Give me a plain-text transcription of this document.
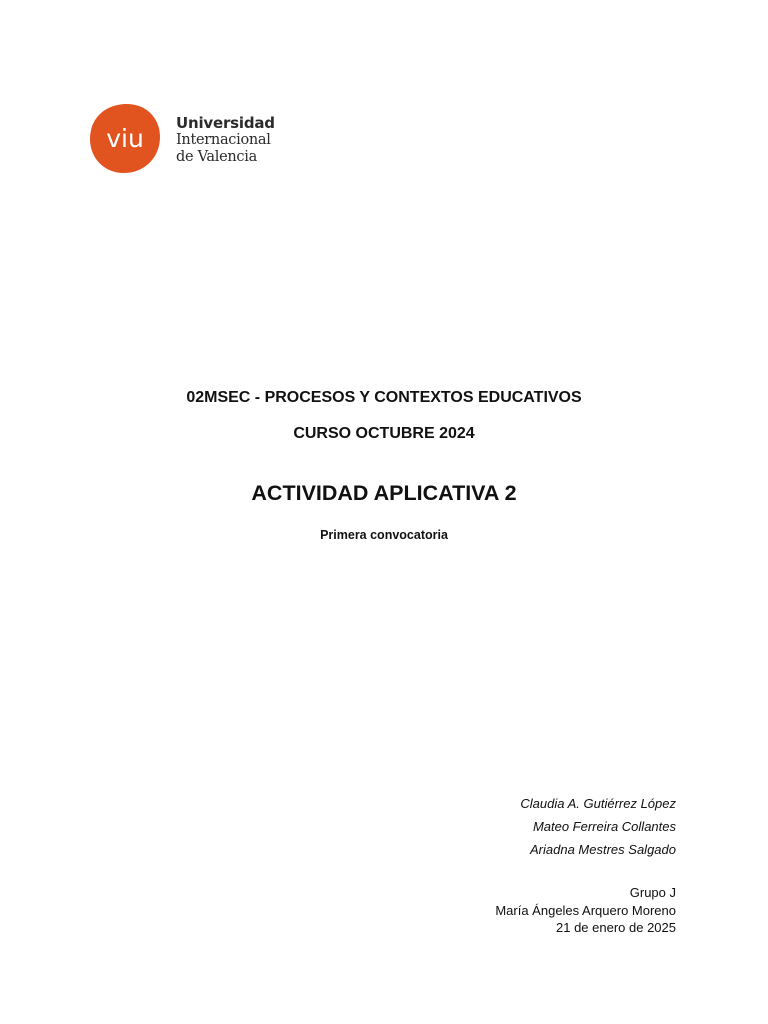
viu
Universidad
Internacional
de Valencia
02MSEC - PROCESOS Y CONTEXTOS EDUCATIVOS
CURSO OCTUBRE 2024
ACTIVIDAD APLICATIVA 2
Primera convocatoria
Claudia A. Gutiérrez López
Mateo Ferreira Collantes
Ariadna Mestres Salgado
Grupo J
María Ángeles Arquero Moreno
21 de enero de 2025
